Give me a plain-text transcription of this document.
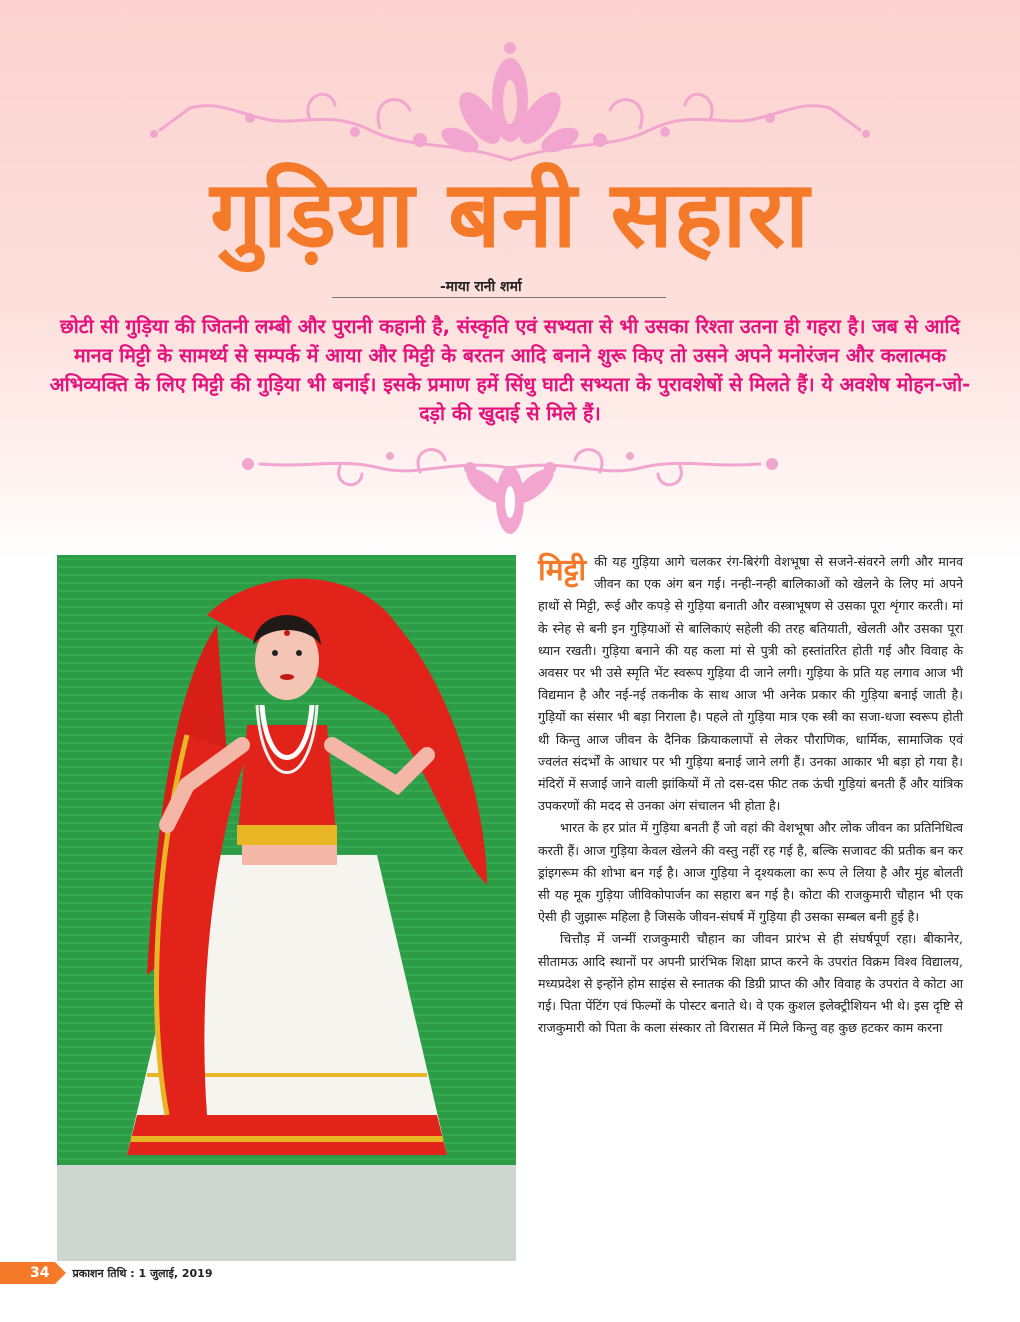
गुड़िया बनी सहारा
-माया रानी शर्मा
छोटी सी गुड़िया की जितनी लम्बी और पुरानी कहानी है, संस्कृति एवं सभ्यता से भी उसका रिश्ता उतना ही गहरा है। जब से आदि मानव मिट्टी के सामर्थ्य से सम्पर्क में आया और मिट्टी के बरतन आदि बनाने शुरू किए तो उसने अपने मनोरंजन और कलात्मक अभिव्यक्ति के लिए मिट्टी की गुड़िया भी बनाई। इसके प्रमाण हमें सिंधु घाटी सभ्यता के पुरावशेषों से मिलते हैं। ये अवशेष मोहन-जो-दड़ो की खुदाई से मिले हैं।

मिट्टी की यह गुड़िया आगे चलकर रंग-बिरंगी वेशभूषा से सजने-संवरने लगी और मानव जीवन का एक अंग बन गई। नन्ही-नन्ही बालिकाओं को खेलने के लिए मां अपने हाथों से मिट्टी, रूई और कपड़े से गुड़िया बनाती और वस्त्राभूषण से उसका पूरा शृंगार करती। मां के स्नेह से बनी इन गुड़ियाओं से बालिकाएं सहेली की तरह बतियाती, खेलती और उसका पूरा ध्यान रखती। गुड़िया बनाने की यह कला मां से पुत्री को हस्तांतरित होती गई और विवाह के अवसर पर भी उसे स्मृति भेंट स्वरूप गुड़िया दी जाने लगी। गुड़िया के प्रति यह लगाव आज भी विद्यमान है और नई-नई तकनीक के साथ आज भी अनेक प्रकार की गुड़िया बनाई जाती है। गुड़ियों का संसार भी बड़ा निराला है। पहले तो गुड़िया मात्र एक स्त्री का सजा-धजा स्वरूप होती थी किन्तु आज जीवन के दैनिक क्रियाकलापों से लेकर पौराणिक, धार्मिक, सामाजिक एवं ज्वलंत संदर्भों के आधार पर भी गुड़िया बनाई जाने लगी हैं। उनका आकार भी बड़ा हो गया है। मंदिरों में सजाई जाने वाली झांकियों में तो दस-दस फीट तक ऊंची गुड़ियां बनती हैं और यांत्रिक उपकरणों की मदद से उनका अंग संचालन भी होता है।

भारत के हर प्रांत में गुड़िया बनती हैं जो वहां की वेशभूषा और लोक जीवन का प्रतिनिधित्व करती हैं। आज गुड़िया केवल खेलने की वस्तु नहीं रह गई है, बल्कि सजावट की प्रतीक बन कर ड्रांइगरूम की शोभा बन गई है। आज गुड़िया ने दृश्यकला का रूप ले लिया है और मुंह बोलती सी यह मूक गुड़िया जीविकोपार्जन का सहारा बन गई है। कोटा की राजकुमारी चौहान भी एक ऐसी ही जुझारू महिला है जिसके जीवन-संघर्ष में गुड़िया ही उसका सम्बल बनी हुई है।

चित्तौड़ में जन्मीं राजकुमारी चौहान का जीवन प्रारंभ से ही संघर्षपूर्ण रहा। बीकानेर, सीतामऊ आदि स्थानों पर अपनी प्रारंभिक शिक्षा प्राप्त करने के उपरांत विक्रम विश्व विद्यालय, मध्यप्रदेश से इन्होंने होम साइंस से स्नातक की डिग्री प्राप्त की और विवाह के उपरांत वे कोटा आ गई। पिता पेंटिंग एवं फिल्मों के पोस्टर बनाते थे। वे एक कुशल इलेक्ट्रीशियन भी थे। इस दृष्टि से राजकुमारी को पिता के कला संस्कार तो विरासत में मिले किन्तु वह कुछ हटकर काम करना

34	प्रकाशन तिथि : 1 जुलाई, 2019
